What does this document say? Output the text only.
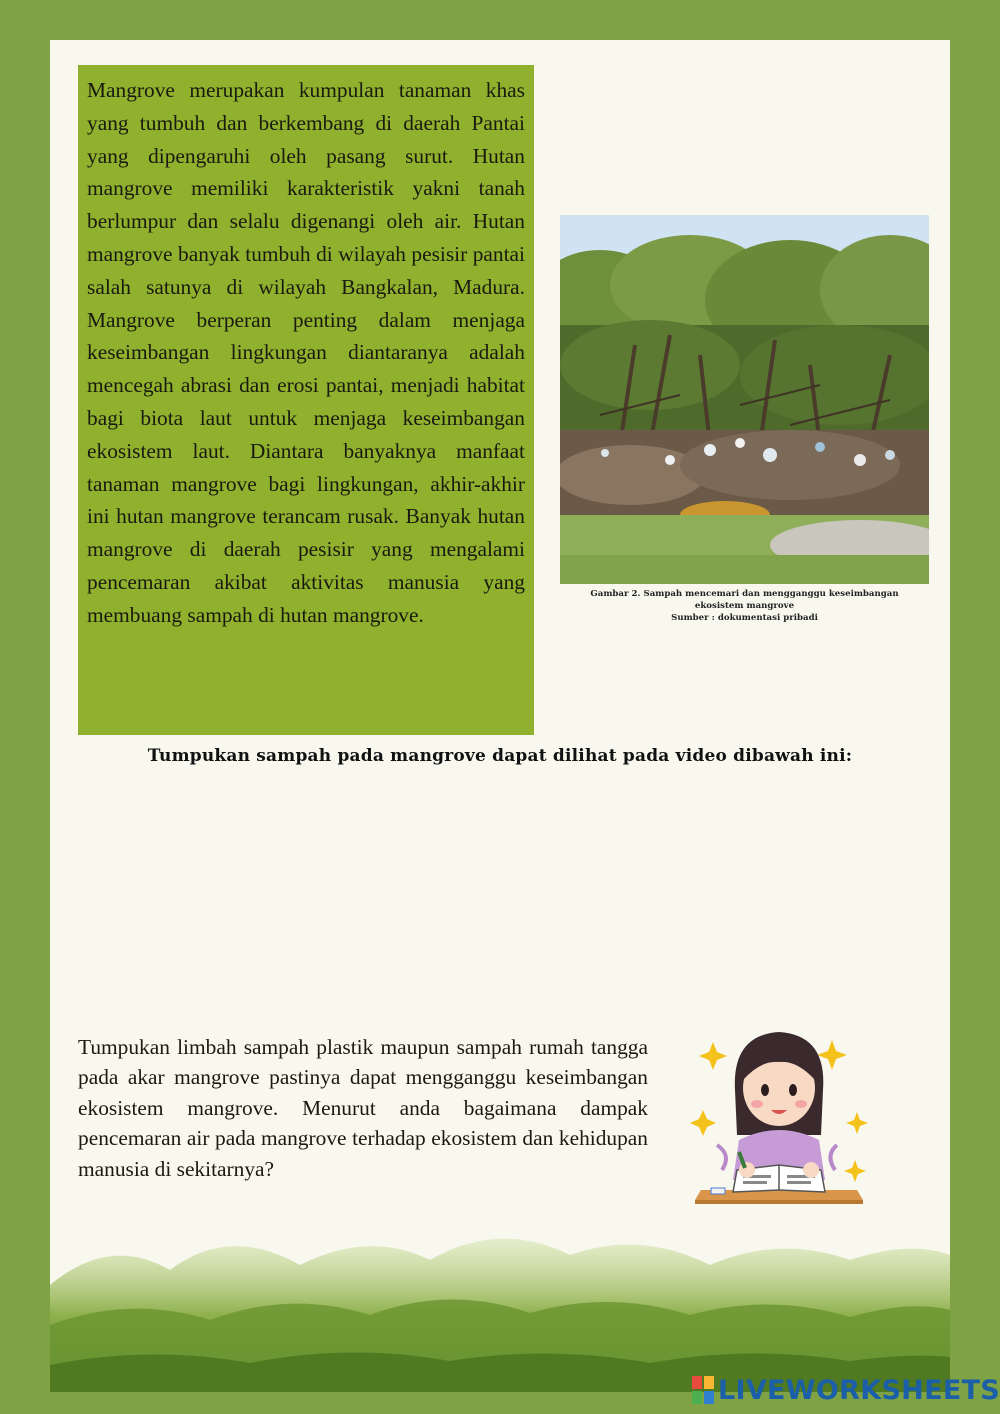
Mangrove merupakan kumpulan tanaman khas yang tumbuh dan berkembang di daerah Pantai yang dipengaruhi oleh pasang surut. Hutan mangrove memiliki karakteristik yakni tanah berlumpur dan selalu digenangi oleh air. Hutan mangrove banyak tumbuh di wilayah pesisir pantai salah satunya di wilayah Bangkalan, Madura. Mangrove berperan penting dalam menjaga keseimbangan lingkungan diantaranya adalah mencegah abrasi dan erosi pantai, menjadi habitat bagi biota laut untuk menjaga keseimbangan ekosistem laut. Diantara banyaknya manfaat tanaman mangrove bagi lingkungan, akhir-akhir ini hutan mangrove terancam rusak. Banyak hutan mangrove di daerah pesisir yang mengalami pencemaran akibat aktivitas manusia yang membuang sampah di hutan mangrove.

Gambar 2. Sampah mencemari dan mengganggu keseimbangan
ekosistem mangrove
Sumber : dokumentasi pribadi
Tumpukan sampah pada mangrove dapat dilihat pada video dibawah ini:

Tumpukan limbah sampah plastik maupun sampah rumah tangga pada akar mangrove pastinya dapat mengganggu keseimbangan ekosistem mangrove. Menurut anda bagaimana dampak pencemaran air pada mangrove terhadap ekosistem dan kehidupan manusia di sekitarnya?

LIVEWORKSHEETS
